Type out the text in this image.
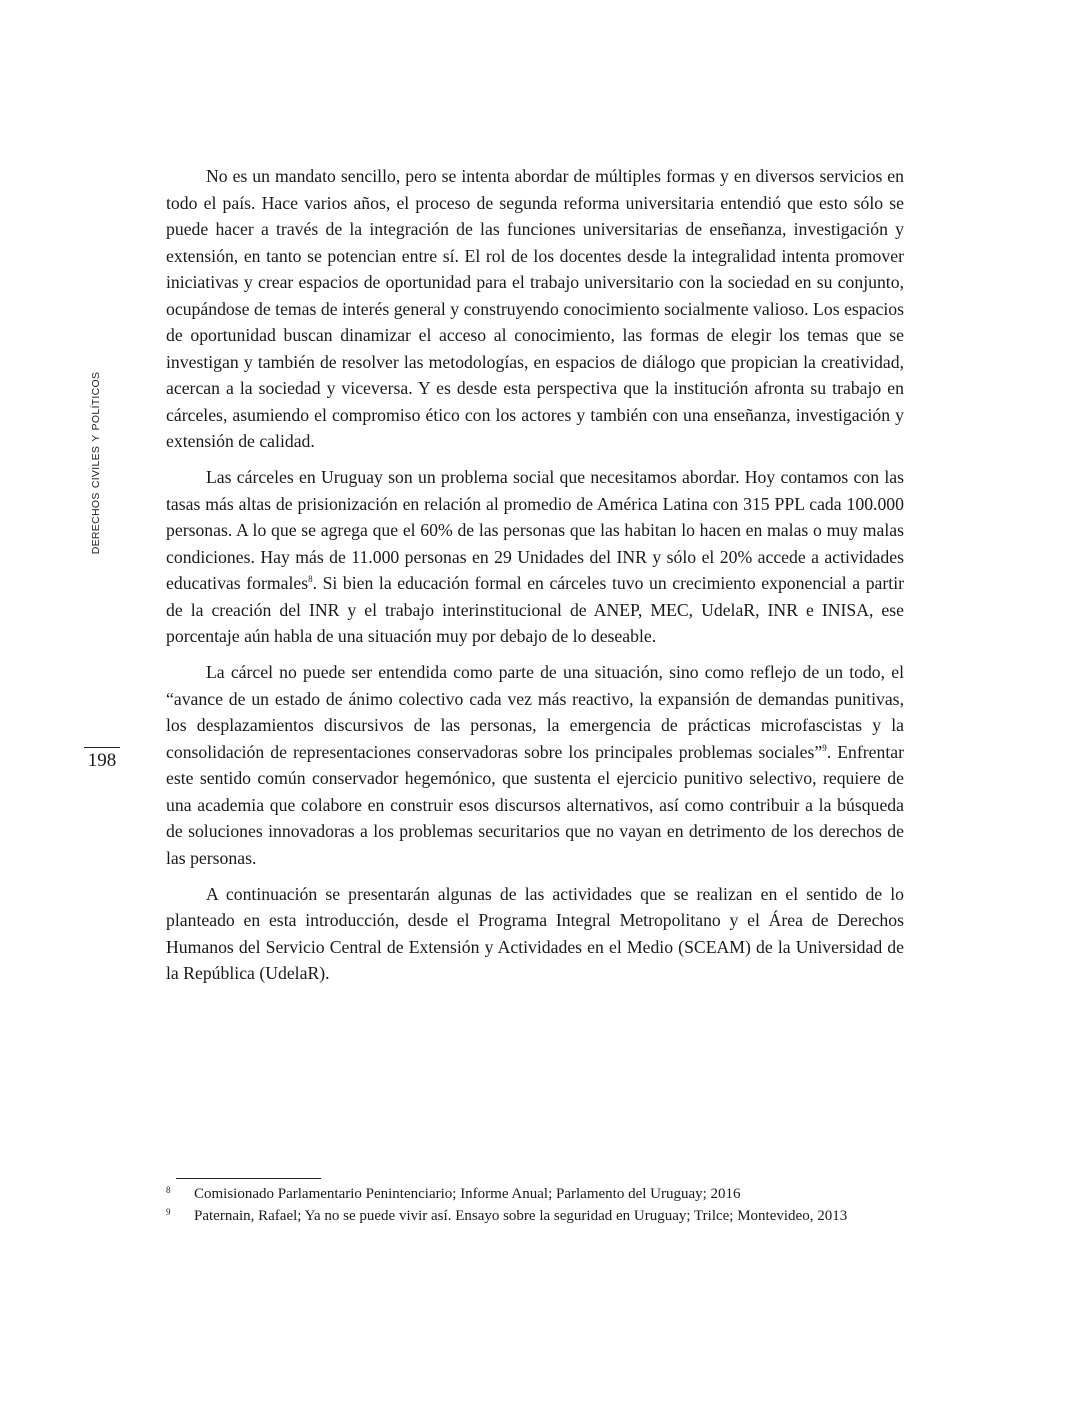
DERECHOS CIVILES Y POLÍTICOS
198

No es un mandato sencillo, pero se intenta abordar de múltiples formas y en diversos servicios en todo el país. Hace varios años, el proceso de segunda reforma universitaria entendió que esto sólo se puede hacer a través de la integración de las funciones universitarias de enseñanza, investigación y extensión, en tanto se potencian entre sí. El rol de los docentes desde la integralidad intenta promover iniciativas y crear espacios de oportunidad para el trabajo universitario con la sociedad en su conjunto, ocupándose de temas de interés general y construyendo conocimiento socialmente valioso. Los espacios de oportunidad buscan dinamizar el acceso al conocimiento, las formas de elegir los temas que se investigan y también de resolver las metodologías, en espacios de diálogo que propician la creatividad, acercan a la sociedad y viceversa. Y es desde esta perspectiva que la institución afronta su trabajo en cárceles, asumiendo el compromiso ético con los actores y también con una enseñanza, investigación y extensión de calidad.

Las cárceles en Uruguay son un problema social que necesitamos abordar. Hoy contamos con las tasas más altas de prisionización en relación al promedio de América Latina con 315 PPL cada 100.000 personas. A lo que se agrega que el 60% de las personas que las habitan lo hacen en malas o muy malas condiciones. Hay más de 11.000 personas en 29 Unidades del INR y sólo el 20% accede a actividades educativas formales$^8$. Si bien la educación formal en cárceles tuvo un crecimiento exponencial a partir de la creación del INR y el trabajo interinstitucional de ANEP, MEC, UdelaR, INR e INISA, ese porcentaje aún habla de una situación muy por debajo de lo deseable.

La cárcel no puede ser entendida como parte de una situación, sino como reflejo de un todo, el “avance de un estado de ánimo colectivo cada vez más reactivo, la expansión de demandas punitivas, los desplazamientos discursivos de las personas, la emergencia de prácticas microfascistas y la consolidación de representaciones conservadoras sobre los principales problemas sociales”$^9$. Enfrentar este sentido común conservador hegemónico, que sustenta el ejercicio punitivo selectivo, requiere de una academia que colabore en construir esos discursos alternativos, así como contribuir a la búsqueda de soluciones innovadoras a los problemas securitarios que no vayan en detrimento de los derechos de las personas.

A continuación se presentarán algunas de las actividades que se realizan en el sentido de lo planteado en esta introducción, desde el Programa Integral Metropolitano y el Área de Derechos Humanos del Servicio Central de Extensión y Actividades en el Medio (SCEAM) de la Universidad de la República (UdelaR).

8 Comisionado Parlamentario Penintenciario; Informe Anual; Parlamento del Uruguay; 2016

9 Paternain, Rafael; Ya no se puede vivir así. Ensayo sobre la seguridad en Uruguay; Trilce; Montevideo, 2013
